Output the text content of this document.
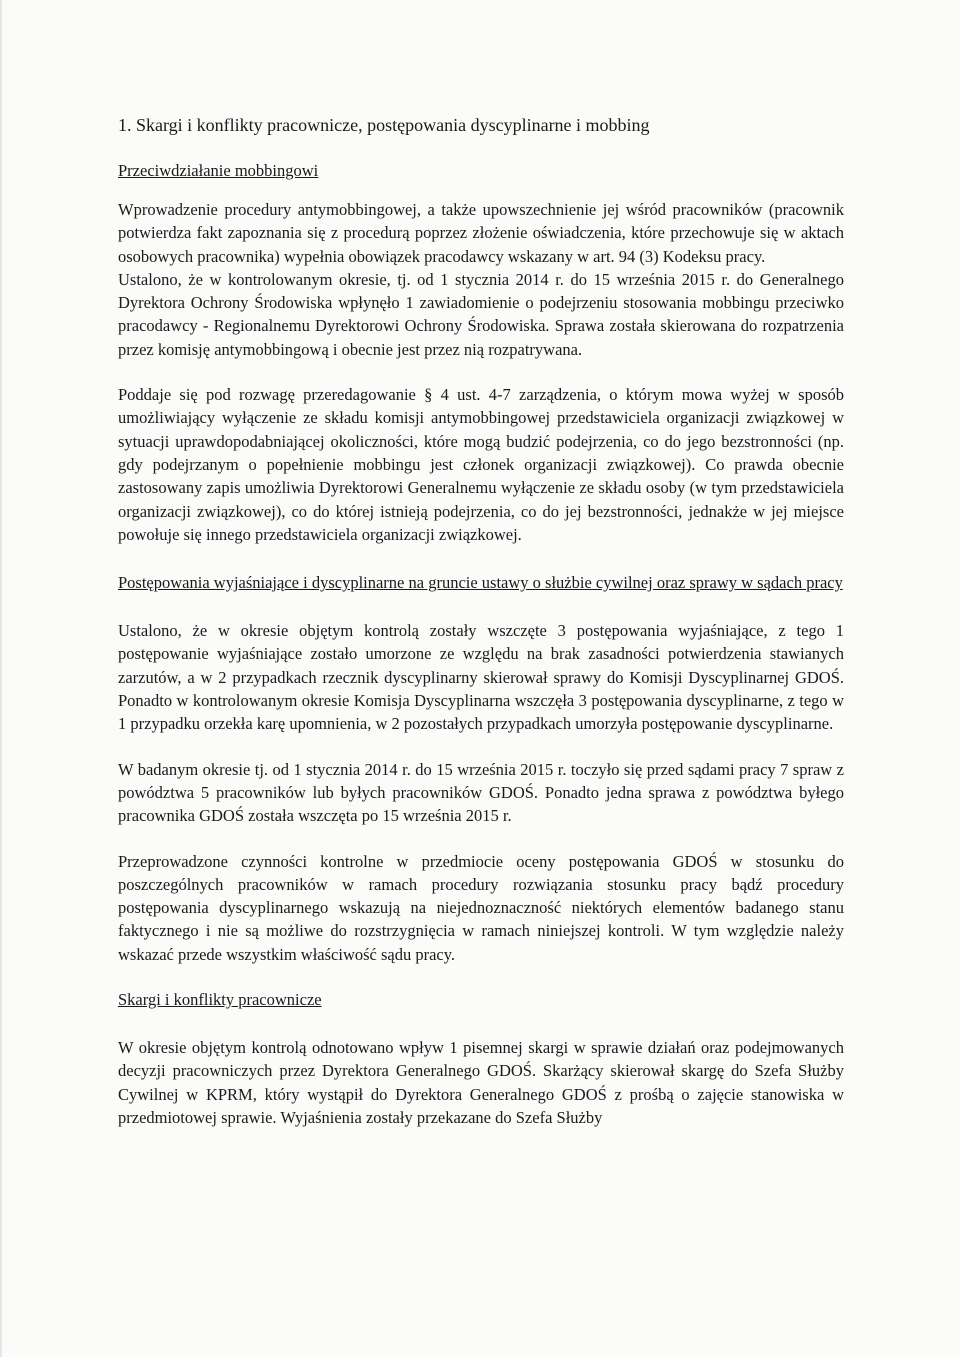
1. Skargi i konflikty pracownicze, postępowania dyscyplinarne i mobbing
Przeciwdziałanie mobbingowi

Wprowadzenie procedury antymobbingowej, a także upowszechnienie jej wśród pracowników (pracownik potwierdza fakt zapoznania się z procedurą poprzez złożenie oświadczenia, które przechowuje się w aktach osobowych pracownika) wypełnia obowiązek pracodawcy wskazany w art. 94 (3) Kodeksu pracy.

Ustalono, że w kontrolowanym okresie, tj. od 1 stycznia 2014 r. do 15 września 2015 r. do Generalnego Dyrektora Ochrony Środowiska wpłynęło 1 zawiadomienie o podejrzeniu stosowania mobbingu przeciwko pracodawcy - Regionalnemu Dyrektorowi Ochrony Środowiska. Sprawa została skierowana do rozpatrzenia przez komisję antymobbingową i obecnie jest przez nią rozpatrywana.

Poddaje się pod rozwagę przeredagowanie § 4 ust. 4-7 zarządzenia, o którym mowa wyżej w sposób umożliwiający wyłączenie ze składu komisji antymobbingowej przedstawiciela organizacji związkowej w sytuacji uprawdopodabniającej okoliczności, które mogą budzić podejrzenia, co do jego bezstronności (np. gdy podejrzanym o popełnienie mobbingu jest członek organizacji związkowej). Co prawda obecnie zastosowany zapis umożliwia Dyrektorowi Generalnemu wyłączenie ze składu osoby (w tym przedstawiciela organizacji związkowej), co do której istnieją podejrzenia, co do jej bezstronności, jednakże w jej miejsce powołuje się innego przedstawiciela organizacji związkowej.

Postępowania wyjaśniające i dyscyplinarne na gruncie ustawy o służbie cywilnej oraz sprawy w sądach pracy

Ustalono, że w okresie objętym kontrolą zostały wszczęte 3 postępowania wyjaśniające, z tego 1 postępowanie wyjaśniające zostało umorzone ze względu na brak zasadności potwierdzenia stawianych zarzutów, a w 2 przypadkach rzecznik dyscyplinarny skierował sprawy do Komisji Dyscyplinarnej GDOŚ. Ponadto w kontrolowanym okresie Komisja Dyscyplinarna wszczęła 3 postępowania dyscyplinarne, z tego w 1 przypadku orzekła karę upomnienia, w 2 pozostałych przypadkach umorzyła postępowanie dyscyplinarne.

W badanym okresie tj. od 1 stycznia 2014 r. do 15 września 2015 r. toczyło się przed sądami pracy 7 spraw z powództwa 5 pracowników lub byłych pracowników GDOŚ. Ponadto jedna sprawa z powództwa byłego pracownika GDOŚ została wszczęta po 15 września 2015 r.

Przeprowadzone czynności kontrolne w przedmiocie oceny postępowania GDOŚ w stosunku do poszczególnych pracowników w ramach procedury rozwiązania stosunku pracy bądź procedury postępowania dyscyplinarnego wskazują na niejednoznaczność niektórych elementów badanego stanu faktycznego i nie są możliwe do rozstrzygnięcia w ramach niniejszej kontroli. W tym względzie należy wskazać przede wszystkim właściwość sądu pracy.

Skargi i konflikty pracownicze

W okresie objętym kontrolą odnotowano wpływ 1 pisemnej skargi w sprawie działań oraz podejmowanych decyzji pracowniczych przez Dyrektora Generalnego GDOŚ. Skarżący skierował skargę do Szefa Służby Cywilnej w KPRM, który wystąpił do Dyrektora Generalnego GDOŚ z prośbą o zajęcie stanowiska w przedmiotowej sprawie. Wyjaśnienia zostały przekazane do Szefa Służby
